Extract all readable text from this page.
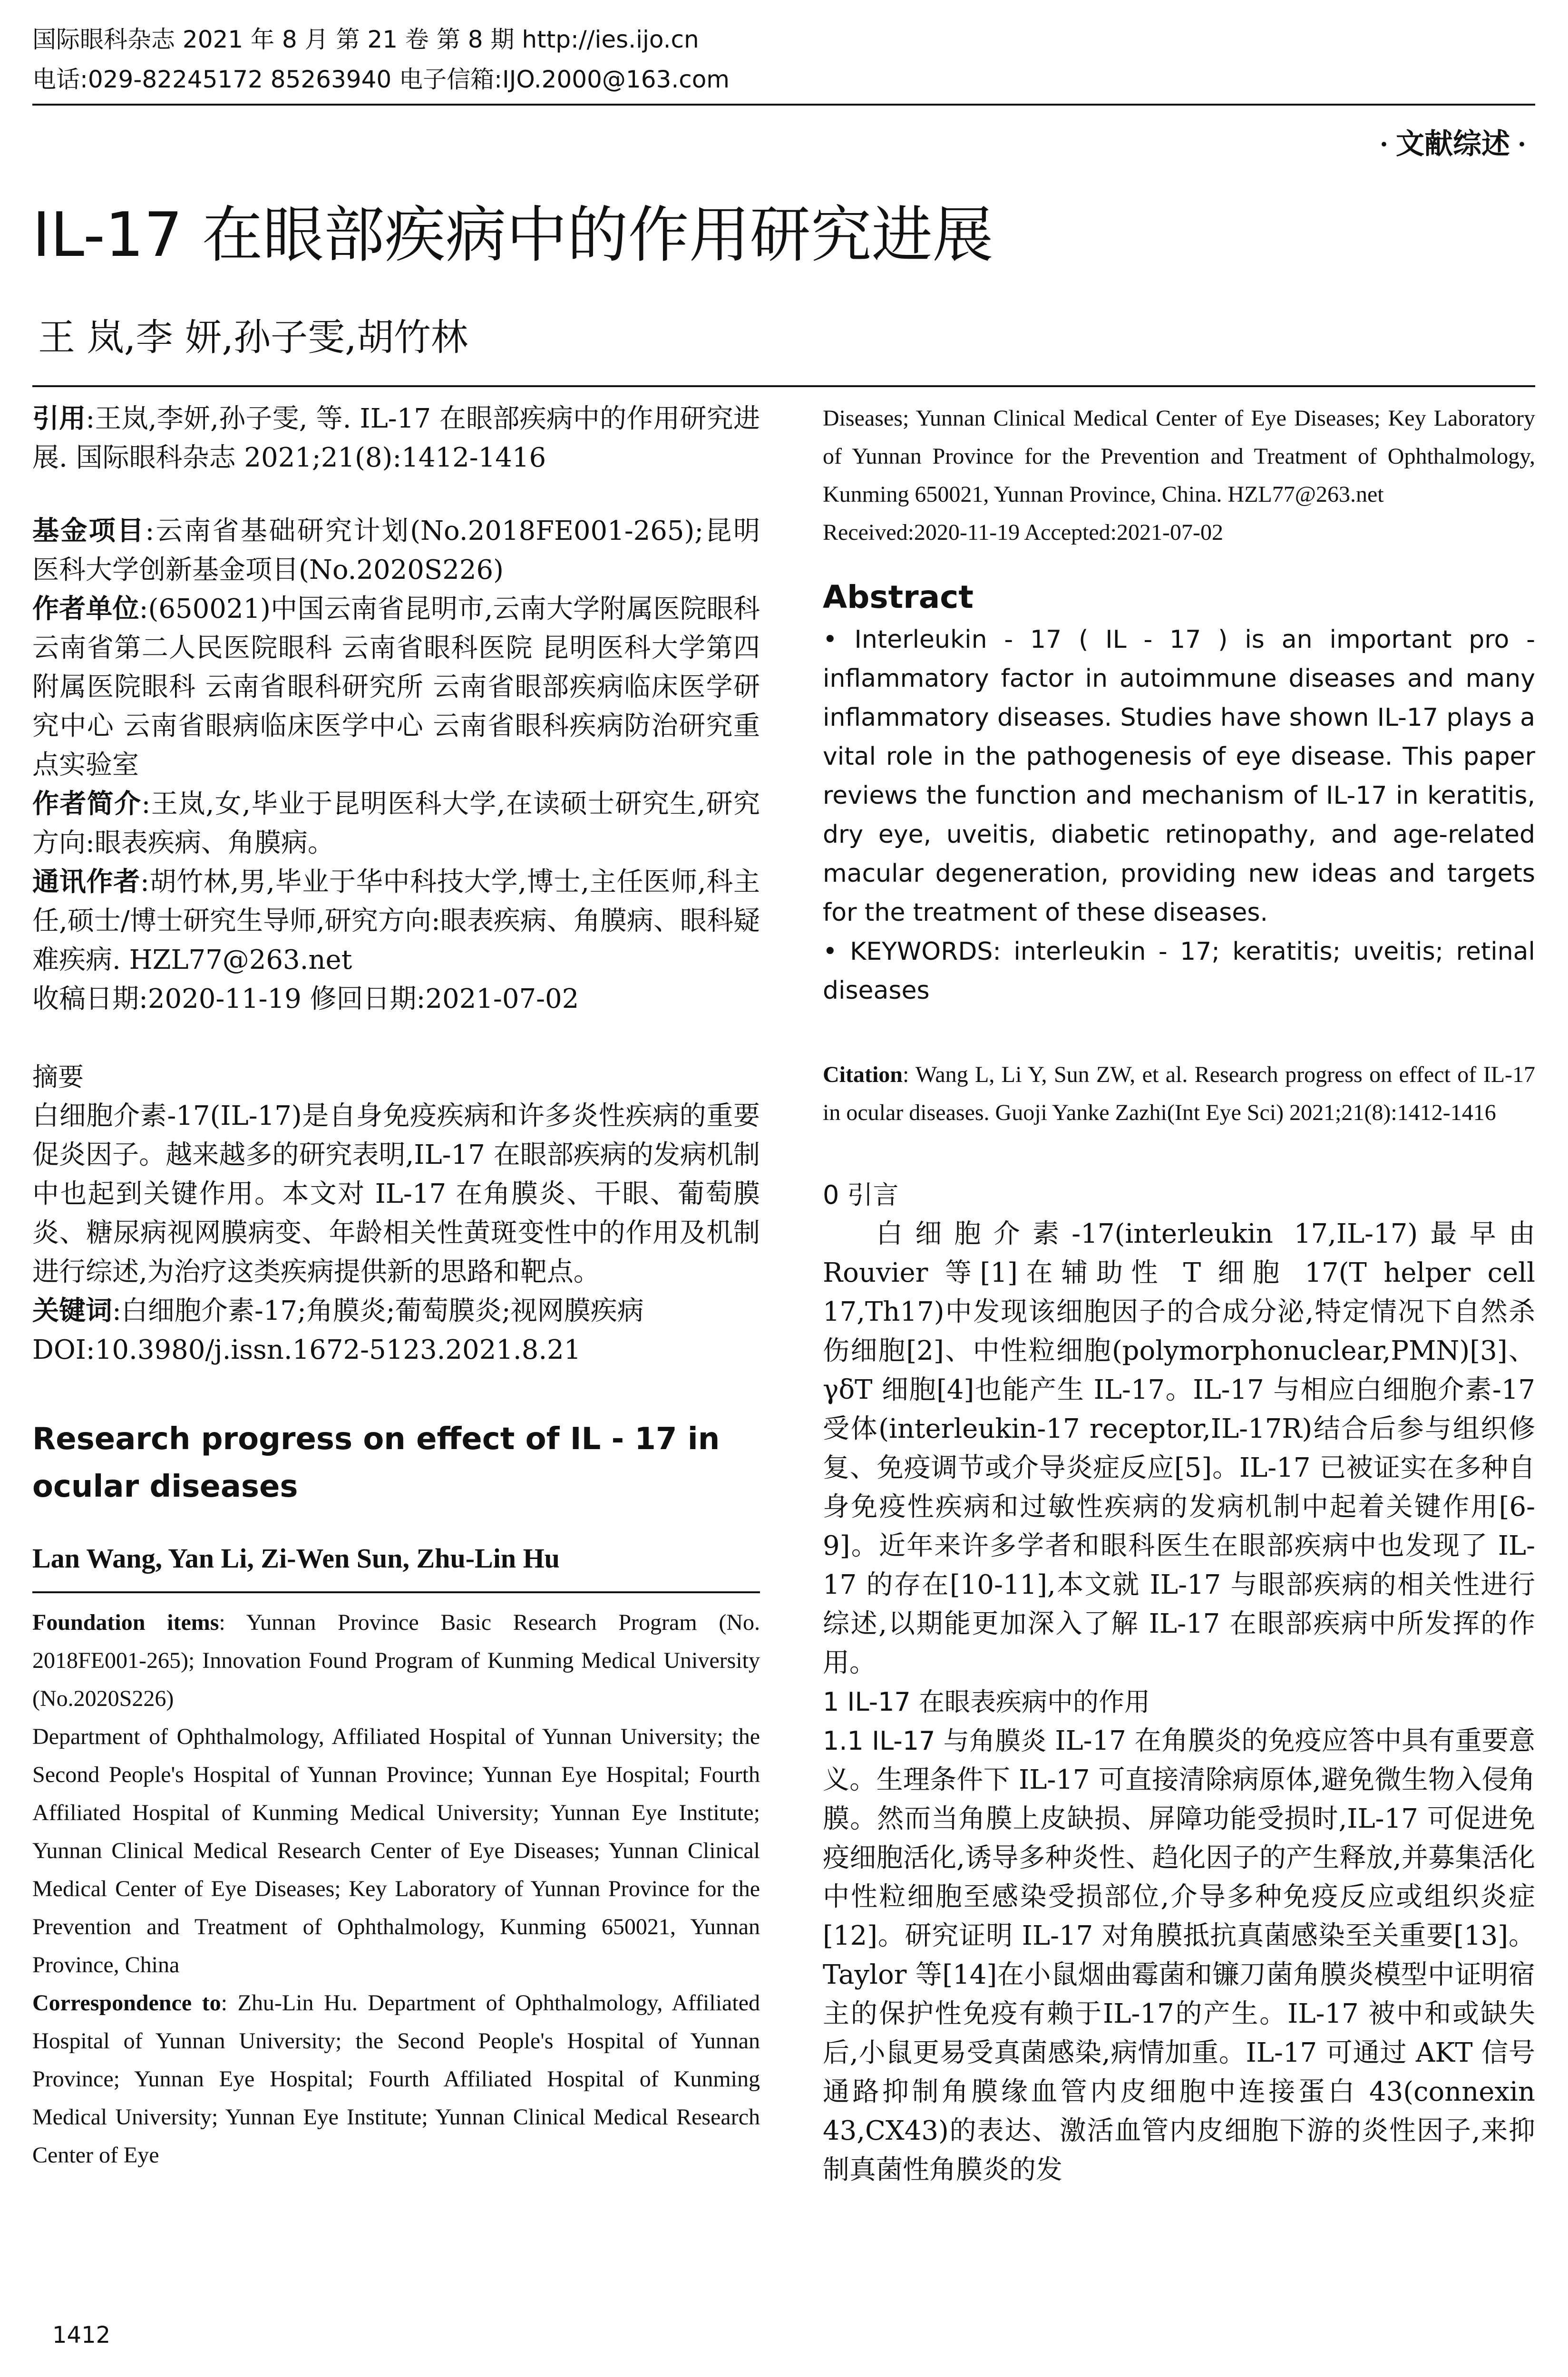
国际眼科杂志 2021 年 8 月 第 21 卷 第 8 期 http://ies.ijo.cn
电话:029-82245172 85263940 电子信箱:IJO.2000@163.com
· 文献综述 ·
IL-17 在眼部疾病中的作用研究进展
王 岚,李 妍,孙子雯,胡竹林

引用:王岚,李妍,孙子雯, 等. IL-17 在眼部疾病中的作用研究进展. 国际眼科杂志 2021;21(8):1412-1416

基金项目:云南省基础研究计划(No.2018FE001-265);昆明医科大学创新基金项目(No.2020S226)

作者单位:(650021)中国云南省昆明市,云南大学附属医院眼科 云南省第二人民医院眼科 云南省眼科医院 昆明医科大学第四附属医院眼科 云南省眼科研究所 云南省眼部疾病临床医学研究中心 云南省眼病临床医学中心 云南省眼科疾病防治研究重点实验室

作者简介:王岚,女,毕业于昆明医科大学,在读硕士研究生,研究方向:眼表疾病、角膜病。

通讯作者:胡竹林,男,毕业于华中科技大学,博士,主任医师,科主任,硕士/博士研究生导师,研究方向:眼表疾病、角膜病、眼科疑难疾病. HZL77@263.net

收稿日期:2020-11-19 修回日期:2021-07-02

摘要

白细胞介素-17(IL-17)是自身免疫疾病和许多炎性疾病的重要促炎因子。越来越多的研究表明,IL-17 在眼部疾病的发病机制中也起到关键作用。本文对 IL-17 在角膜炎、干眼、葡萄膜炎、糖尿病视网膜病变、年龄相关性黄斑变性中的作用及机制进行综述,为治疗这类疾病提供新的思路和靶点。

关键词:白细胞介素-17;角膜炎;葡萄膜炎;视网膜疾病

DOI:10.3980/j.issn.1672-5123.2021.8.21

Research progress on effect of IL - 17 in ocular diseases

Lan Wang, Yan Li, Zi-Wen Sun, Zhu-Lin Hu

Foundation items: Yunnan Province Basic Research Program (No. 2018FE001-265); Innovation Found Program of Kunming Medical University (No.2020S226)

Department of Ophthalmology, Affiliated Hospital of Yunnan University; the Second People's Hospital of Yunnan Province; Yunnan Eye Hospital; Fourth Affiliated Hospital of Kunming Medical University; Yunnan Eye Institute; Yunnan Clinical Medical Research Center of Eye Diseases; Yunnan Clinical Medical Center of Eye Diseases; Key Laboratory of Yunnan Province for the Prevention and Treatment of Ophthalmology, Kunming 650021, Yunnan Province, China

Correspondence to: Zhu-Lin Hu. Department of Ophthalmology, Affiliated Hospital of Yunnan University; the Second People's Hospital of Yunnan Province; Yunnan Eye Hospital; Fourth Affiliated Hospital of Kunming Medical University; Yunnan Eye Institute; Yunnan Clinical Medical Research Center of Eye

Diseases; Yunnan Clinical Medical Center of Eye Diseases; Key Laboratory of Yunnan Province for the Prevention and Treatment of Ophthalmology, Kunming 650021, Yunnan Province, China. HZL77@263.net

Received:2020-11-19 Accepted:2021-07-02

Abstract

• Interleukin - 17 ( IL - 17 ) is an important pro - inflammatory factor in autoimmune diseases and many inflammatory diseases. Studies have shown IL-17 plays a vital role in the pathogenesis of eye disease. This paper reviews the function and mechanism of IL-17 in keratitis, dry eye, uveitis, diabetic retinopathy, and age-related macular degeneration, providing new ideas and targets for the treatment of these diseases.

• KEYWORDS: interleukin - 17; keratitis; uveitis; retinal diseases

Citation: Wang L, Li Y, Sun ZW, et al. Research progress on effect of IL-17 in ocular diseases. Guoji Yanke Zazhi(Int Eye Sci) 2021;21(8):1412-1416

0 引言

白细胞介素-17(interleukin 17,IL-17)最早由 Rouvier 等[1]在辅助性 T 细胞 17(T helper cell 17,Th17)中发现该细胞因子的合成分泌,特定情况下自然杀伤细胞[2]、中性粒细胞(polymorphonuclear,PMN)[3]、γδT 细胞[4]也能产生 IL-17。IL-17 与相应白细胞介素-17 受体(interleukin-17 receptor,IL-17R)结合后参与组织修复、免疫调节或介导炎症反应[5]。IL-17 已被证实在多种自身免疫性疾病和过敏性疾病的发病机制中起着关键作用[6-9]。近年来许多学者和眼科医生在眼部疾病中也发现了 IL-17 的存在[10-11],本文就 IL-17 与眼部疾病的相关性进行综述,以期能更加深入了解 IL-17 在眼部疾病中所发挥的作用。

1 IL-17 在眼表疾病中的作用

1.1 IL-17 与角膜炎 IL-17 在角膜炎的免疫应答中具有重要意义。生理条件下 IL-17 可直接清除病原体,避免微生物入侵角膜。然而当角膜上皮缺损、屏障功能受损时,IL-17 可促进免疫细胞活化,诱导多种炎性、趋化因子的产生释放,并募集活化中性粒细胞至感染受损部位,介导多种免疫反应或组织炎症[12]。研究证明 IL-17 对角膜抵抗真菌感染至关重要[13]。Taylor 等[14]在小鼠烟曲霉菌和镰刀菌角膜炎模型中证明宿主的保护性免疫有赖于IL-17的产生。IL-17 被中和或缺失后,小鼠更易受真菌感染,病情加重。IL-17 可通过 AKT 信号通路抑制角膜缘血管内皮细胞中连接蛋白 43(connexin 43,CX43)的表达、激活血管内皮细胞下游的炎性因子,来抑制真菌性角膜炎的发

1412
